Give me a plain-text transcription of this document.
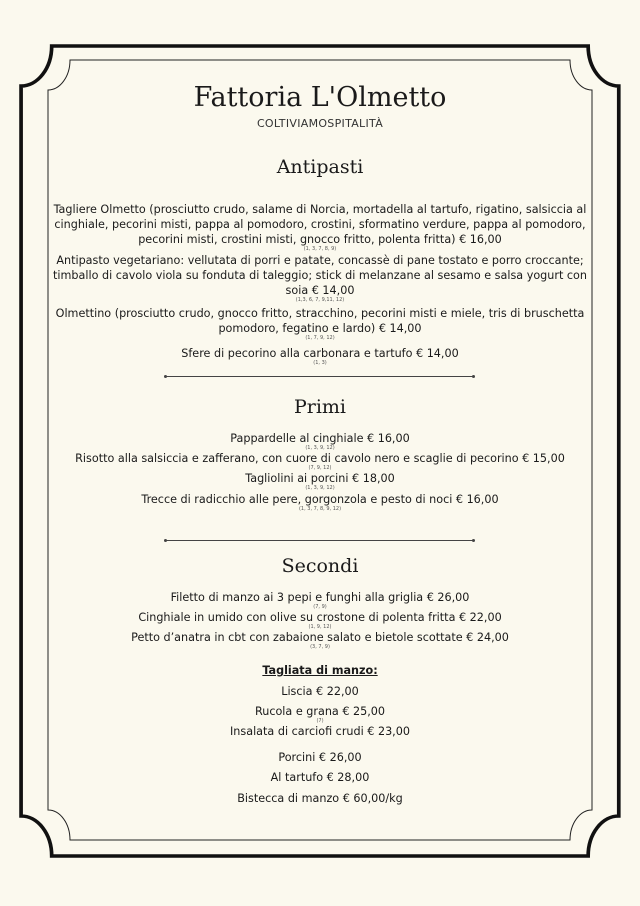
Fattoria L'Olmetto
COLTIVIAMOSPITALITÀ
Antipasti
Tagliere Olmetto (prosciutto crudo, salame di Norcia, mortadella al tartufo, rigatino, salsiccia al cinghiale, pecorini misti, pappa al pomodoro, crostini, sformatino verdure, pappa al pomodoro, pecorini misti, crostini misti, gnocco fritto, polenta fritta) € 16,00
(1, 3, 7, 8, 9)
Antipasto vegetariano: vellutata di porri e patate, concassè di pane tostato e porro croccante; timballo di cavolo viola su fonduta di taleggio; stick di melanzane al sesamo e salsa yogurt con soia € 14,00
(1,3, 6, 7, 9,11, 12)
Olmettino (prosciutto crudo, gnocco fritto, stracchino, pecorini misti e miele, tris di bruschetta pomodoro, fegatino e lardo) € 14,00
(1, 7, 9, 12)
Sfere di pecorino alla carbonara e tartufo € 14,00
(1, 3)
Primi
Pappardelle al cinghiale € 16,00
(1, 3, 9, 12)
Risotto alla salsiccia e zafferano, con cuore di cavolo nero e scaglie di pecorino € 15,00
(7, 9, 12)
Tagliolini ai porcini € 18,00
(1, 3, 9, 12)
Trecce di radicchio alle pere, gorgonzola e pesto di noci € 16,00
(1, 3, 7, 8, 9, 12)
Secondi
Filetto di manzo ai 3 pepi e funghi alla griglia € 26,00
(7, 9)
Cinghiale in umido con olive su crostone di polenta fritta € 22,00
(1, 9, 12)
Petto d’anatra in cbt con zabaione salato e bietole scottate € 24,00
(3, 7, 9)
Tagliata di manzo:
Liscia € 22,00
Rucola e grana € 25,00
(7)
Insalata di carciofi crudi € 23,00
Porcini € 26,00
Al tartufo € 28,00
Bistecca di manzo € 60,00/kg
